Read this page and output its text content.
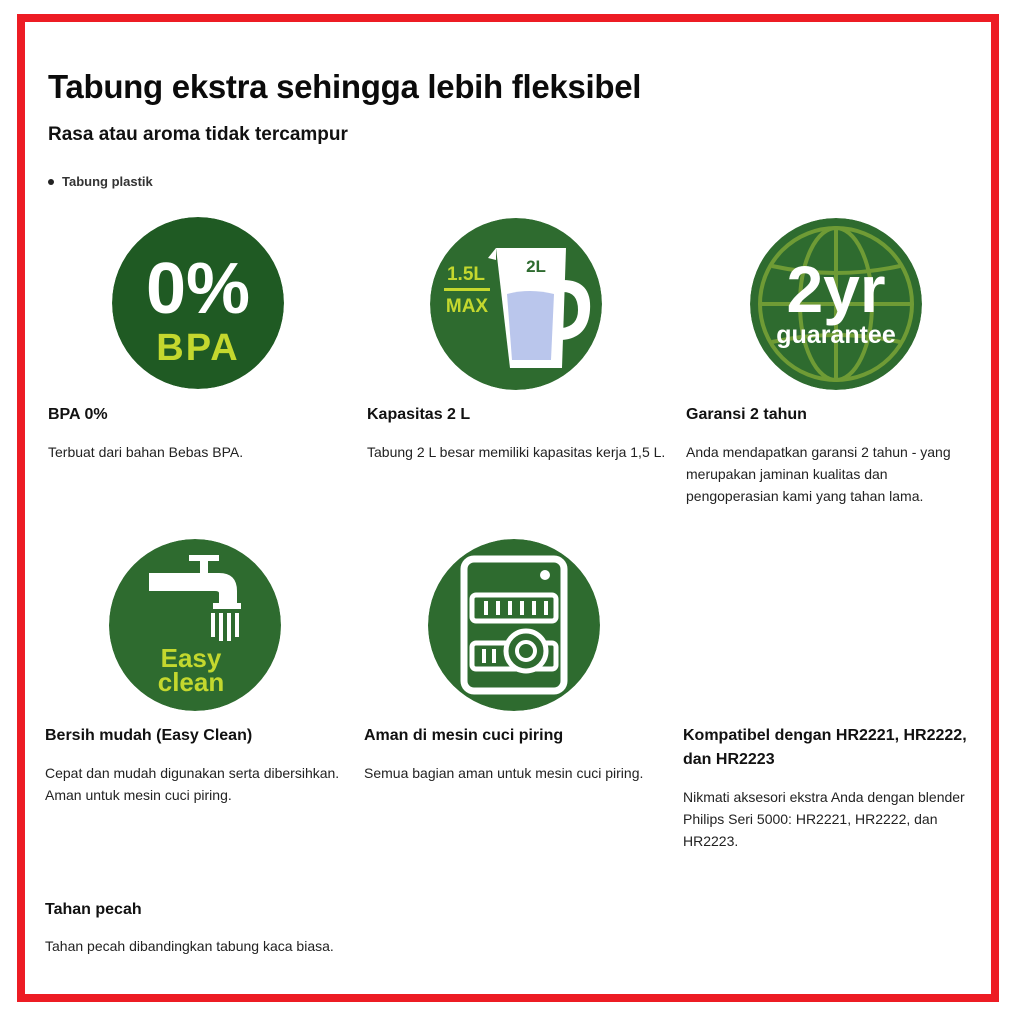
Tabung ekstra sehingga lebih fleksibel
Rasa atau aroma tidak tercampur
Tabung plastik
0%
BPA
BPA 0%

Terbuat dari bahan Bebas BPA.

1.5L
MAX
2L
Kapasitas 2 L

Tabung 2 L besar memiliki kapasitas kerja 1,5 L.

2yr
guarantee
Garansi 2 tahun

Anda mendapatkan garansi 2 tahun - yang merupakan jaminan kualitas dan pengoperasian kami yang tahan lama.

Easy
clean
Bersih mudah (Easy Clean)

Cepat dan mudah digunakan serta dibersihkan. Aman untuk mesin cuci piring.

Aman di mesin cuci piring

Semua bagian aman untuk mesin cuci piring.

Kompatibel dengan HR2221, HR2222, dan HR2223

Nikmati aksesori ekstra Anda dengan blender Philips Seri 5000: HR2221, HR2222, dan HR2223.

Tahan pecah

Tahan pecah dibandingkan tabung kaca biasa.
